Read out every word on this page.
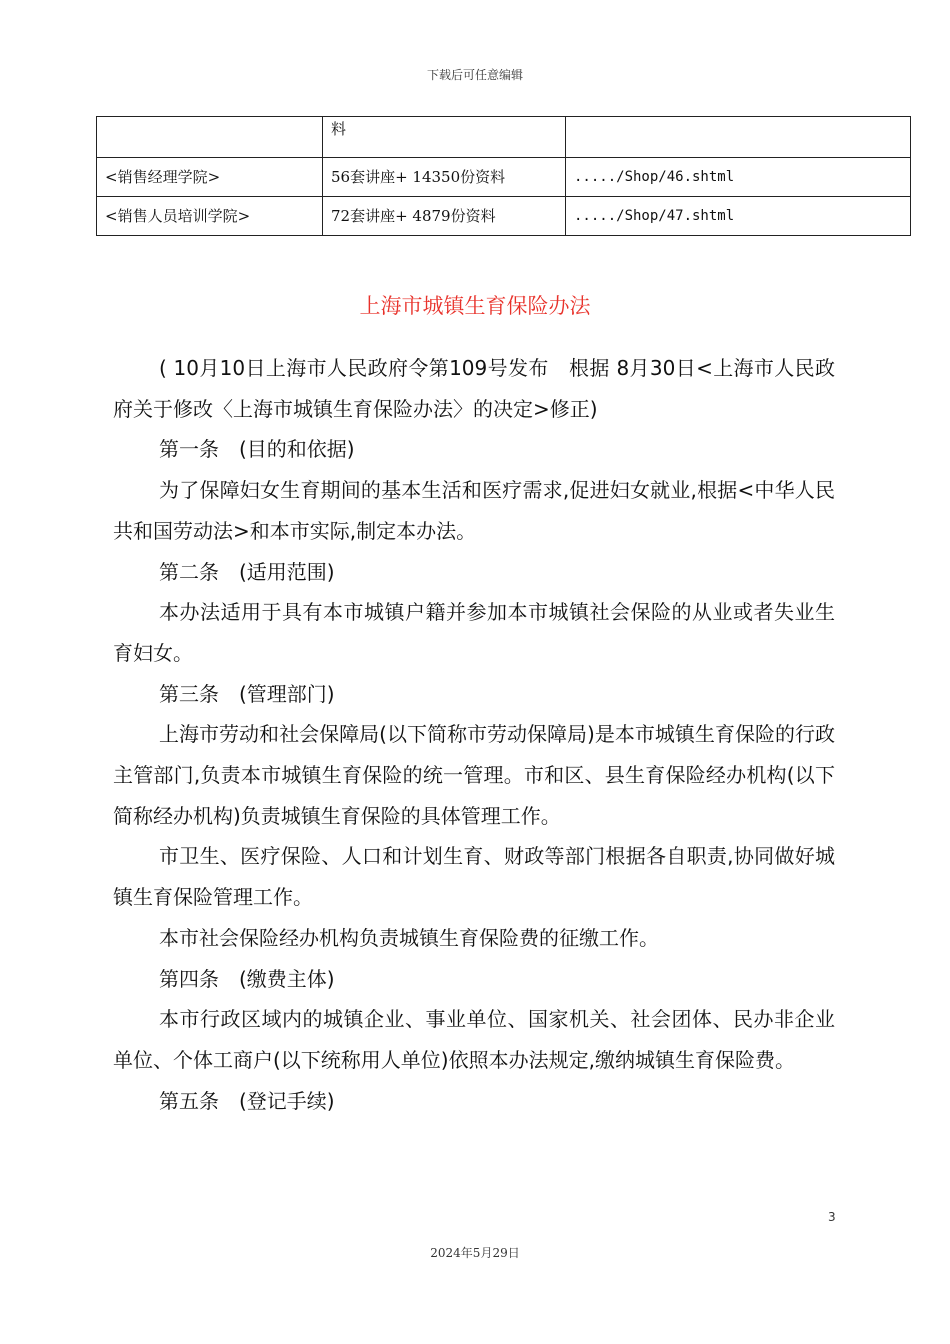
下载后可任意编辑
	料	
<销售经理学院>	56套讲座+ 14350份资料	...../Shop/46.shtml
<销售人员培训学院>	72套讲座+ 4879份资料	...../Shop/47.shtml
上海市城镇生育保险办法

( 10月10日上海市人民政府令第109号发布　根据 8月30日<上海市人民政府关于修改〈上海市城镇生育保险办法〉的决定>修正)

第一条　(目的和依据)

为了保障妇女生育期间的基本生活和医疗需求,促进妇女就业,根据<中华人民共和国劳动法>和本市实际,制定本办法。

第二条　(适用范围)

本办法适用于具有本市城镇户籍并参加本市城镇社会保险的从业或者失业生育妇女。

第三条　(管理部门)

上海市劳动和社会保障局(以下简称市劳动保障局)是本市城镇生育保险的行政主管部门,负责本市城镇生育保险的统一管理。市和区、县生育保险经办机构(以下简称经办机构)负责城镇生育保险的具体管理工作。

市卫生、医疗保险、人口和计划生育、财政等部门根据各自职责,协同做好城镇生育保险管理工作。

本市社会保险经办机构负责城镇生育保险费的征缴工作。

第四条　(缴费主体)

本市行政区域内的城镇企业、事业单位、国家机关、社会团体、民办非企业单位、个体工商户(以下统称用人单位)依照本办法规定,缴纳城镇生育保险费。

第五条　(登记手续)

3
2024年5月29日
